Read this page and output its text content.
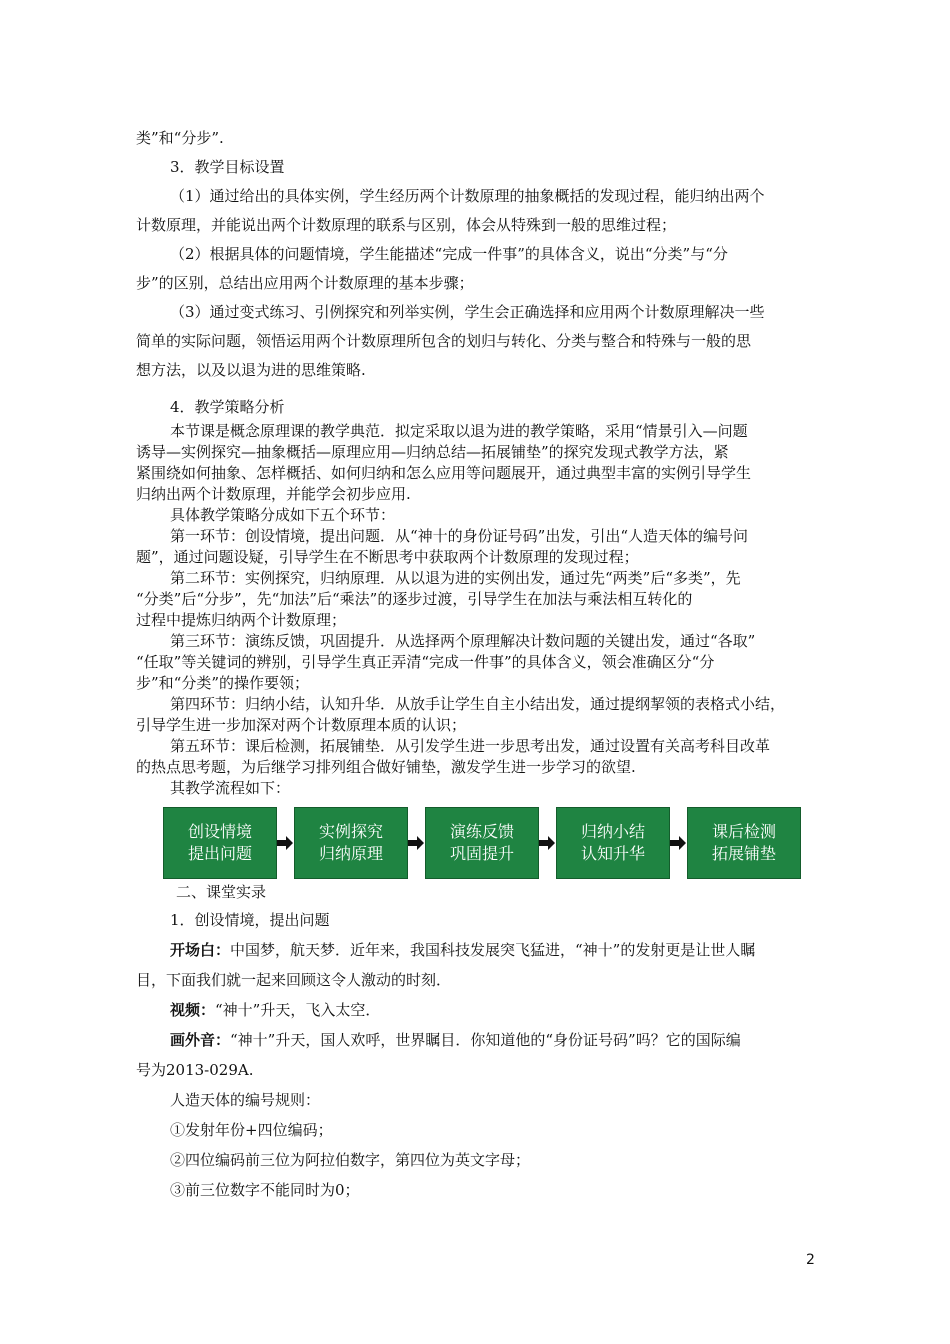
类”和“分步”.
3．教学目标设置
（1）通过给出的具体实例，学生经历两个计数原理的抽象概括的发现过程，能归纳出两个
计数原理，并能说出两个计数原理的联系与区别，体会从特殊到一般的思维过程；
（2）根据具体的问题情境，学生能描述“完成一件事”的具体含义，说出“分类”与“分
步”的区别，总结出应用两个计数原理的基本步骤；
（3）通过变式练习、引例探究和列举实例，学生会正确选择和应用两个计数原理解决一些
简单的实际问题，领悟运用两个计数原理所包含的划归与转化、分类与整合和特殊与一般的思
想方法，以及以退为进的思维策略.
4．教学策略分析
本节课是概念原理课的教学典范．拟定采取以退为进的教学策略，采用“情景引入—问题
诱导—实例探究—抽象概括—原理应用—归纳总结—拓展铺垫”的探究发现式教学方法，紧
紧围绕如何抽象、怎样概括、如何归纳和怎么应用等问题展开，通过典型丰富的实例引导学生
归纳出两个计数原理，并能学会初步应用.
具体教学策略分成如下五个环节：
第一环节：创设情境，提出问题．从“神十的身份证号码”出发，引出“人造天体的编号问
题”，通过问题设疑，引导学生在不断思考中获取两个计数原理的发现过程；
第二环节：实例探究，归纳原理．从以退为进的实例出发，通过先“两类”后“多类”，先
“分类”后“分步”，先“加法”后“乘法”的逐步过渡，引导学生在加法与乘法相互转化的
过程中提炼归纳两个计数原理；
第三环节：演练反馈，巩固提升．从选择两个原理解决计数问题的关键出发，通过“各取”
“任取”等关键词的辨别，引导学生真正弄清“完成一件事”的具体含义，领会准确区分“分
步”和“分类”的操作要领；
第四环节：归纳小结，认知升华．从放手让学生自主小结出发，通过提纲挈领的表格式小结，
引导学生进一步加深对两个计数原理本质的认识；
第五环节：课后检测，拓展铺垫．从引发学生进一步思考出发，通过设置有关高考科目改革
的热点思考题，为后继学习排列组合做好铺垫，激发学生进一步学习的欲望.
其教学流程如下：
创设情境
提出问题
实例探究
归纳原理
演练反馈
巩固提升
归纳小结
认知升华
课后检测
拓展铺垫
二、课堂实录
1．创设情境，提出问题
开场白：中国梦，航天梦．近年来，我国科技发展突飞猛进，“神十”的发射更是让世人瞩
目，下面我们就一起来回顾这令人激动的时刻．
视频：“神十”升天，飞入太空．
画外音：“神十”升天，国人欢呼，世界瞩目．你知道他的“身份证号码”吗？它的国际编
号为2013-029A.
人造天体的编号规则：
①发射年份+四位编码；
②四位编码前三位为阿拉伯数字，第四位为英文字母；
③前三位数字不能同时为0；
2
